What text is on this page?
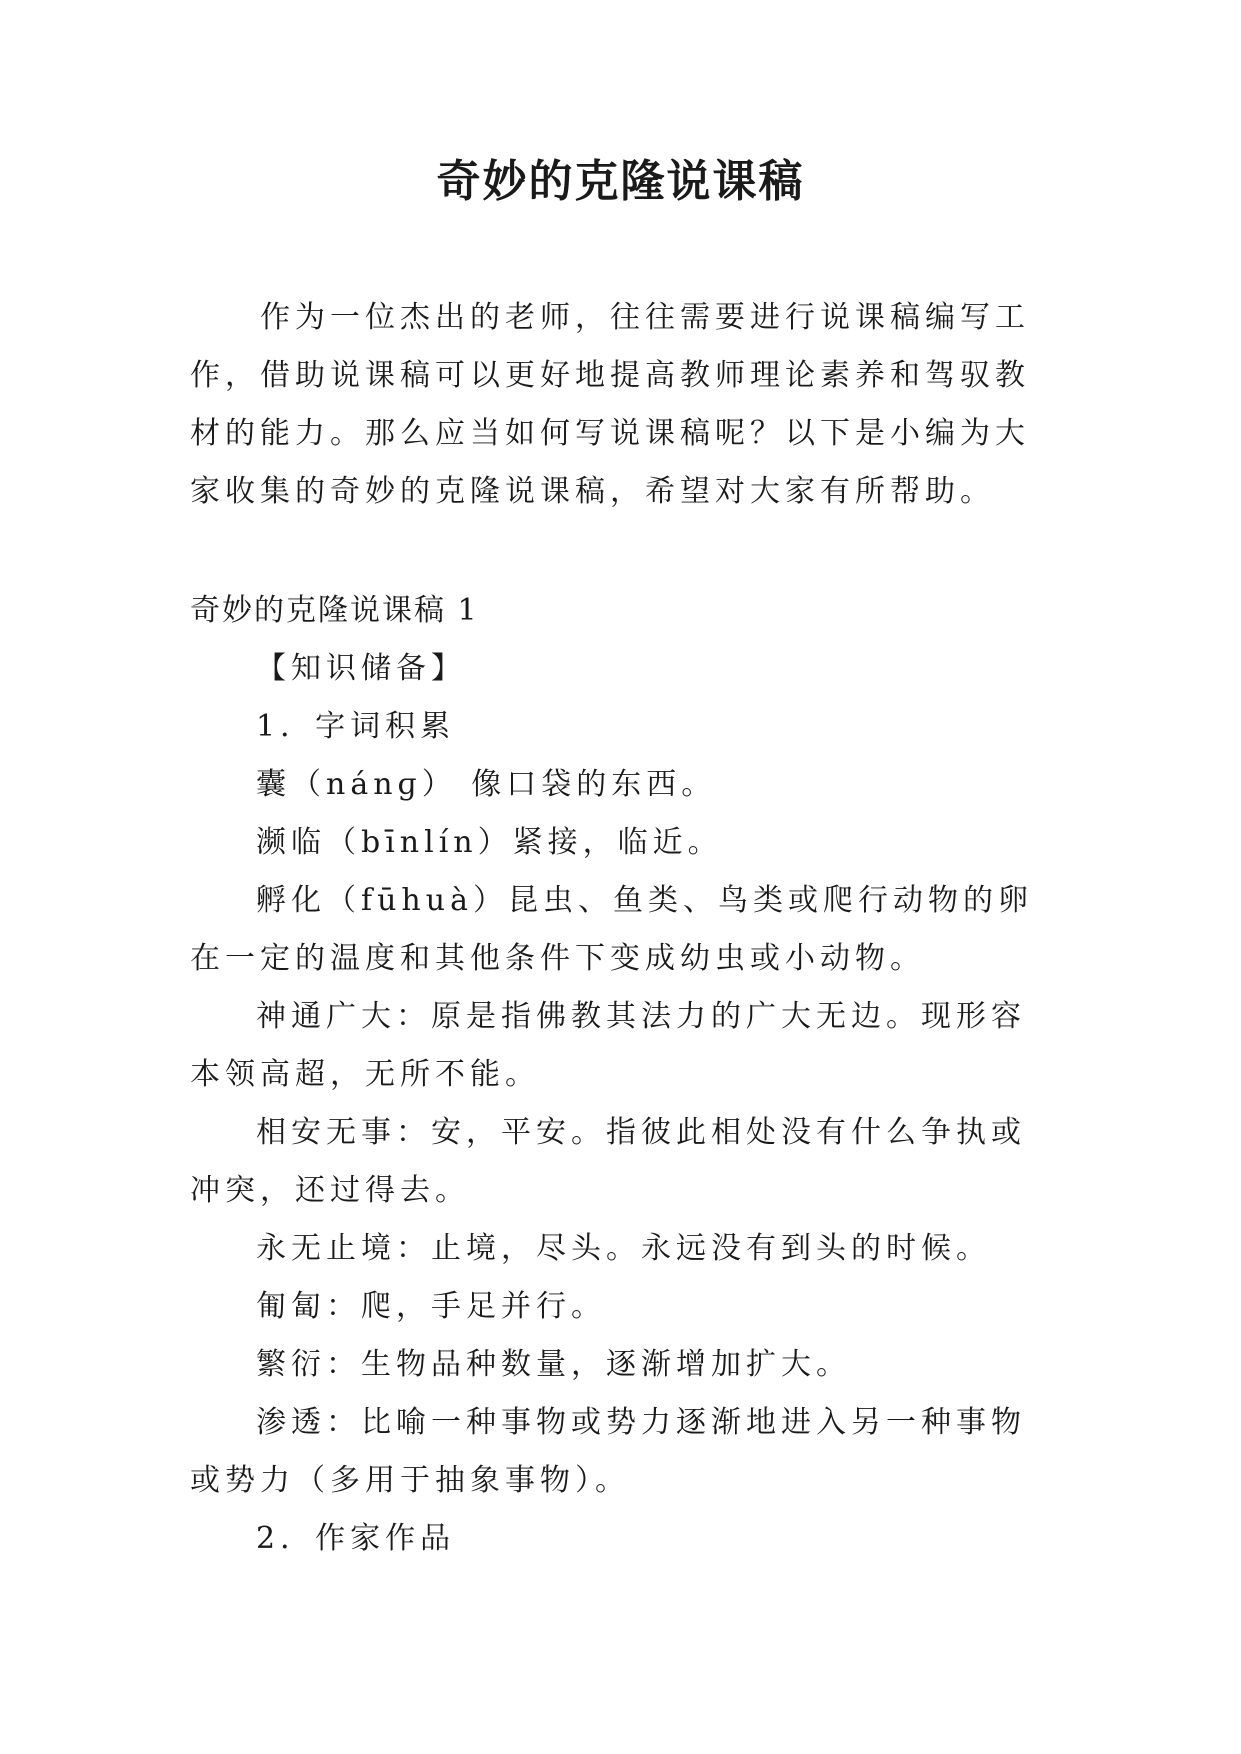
奇妙的克隆说课稿

作为一位杰出的老师，往往需要进行说课稿编写工作，借助说课稿可以更好地提高教师理论素养和驾驭教材的能力。那么应当如何写说课稿呢？以下是小编为大家收集的奇妙的克隆说课稿，希望对大家有所帮助。

奇妙的克隆说课稿 1

【知识储备】

1．字词积累

囊（nánɡ） 像口袋的东西。

濒临（bīnlín）紧接，临近。

孵化（fūhuà）昆虫、鱼类、鸟类或爬行动物的卵在一定的温度和其他条件下变成幼虫或小动物。

神通广大：原是指佛教其法力的广大无边。现形容本领高超，无所不能。

相安无事：安，平安。指彼此相处没有什么争执或冲突，还过得去。

永无止境：止境，尽头。永远没有到头的时候。

匍匐：爬，手足并行。

繁衍：生物品种数量，逐渐增加扩大。

渗透：比喻一种事物或势力逐渐地进入另一种事物或势力（多用于抽象事物）。

2．作家作品
